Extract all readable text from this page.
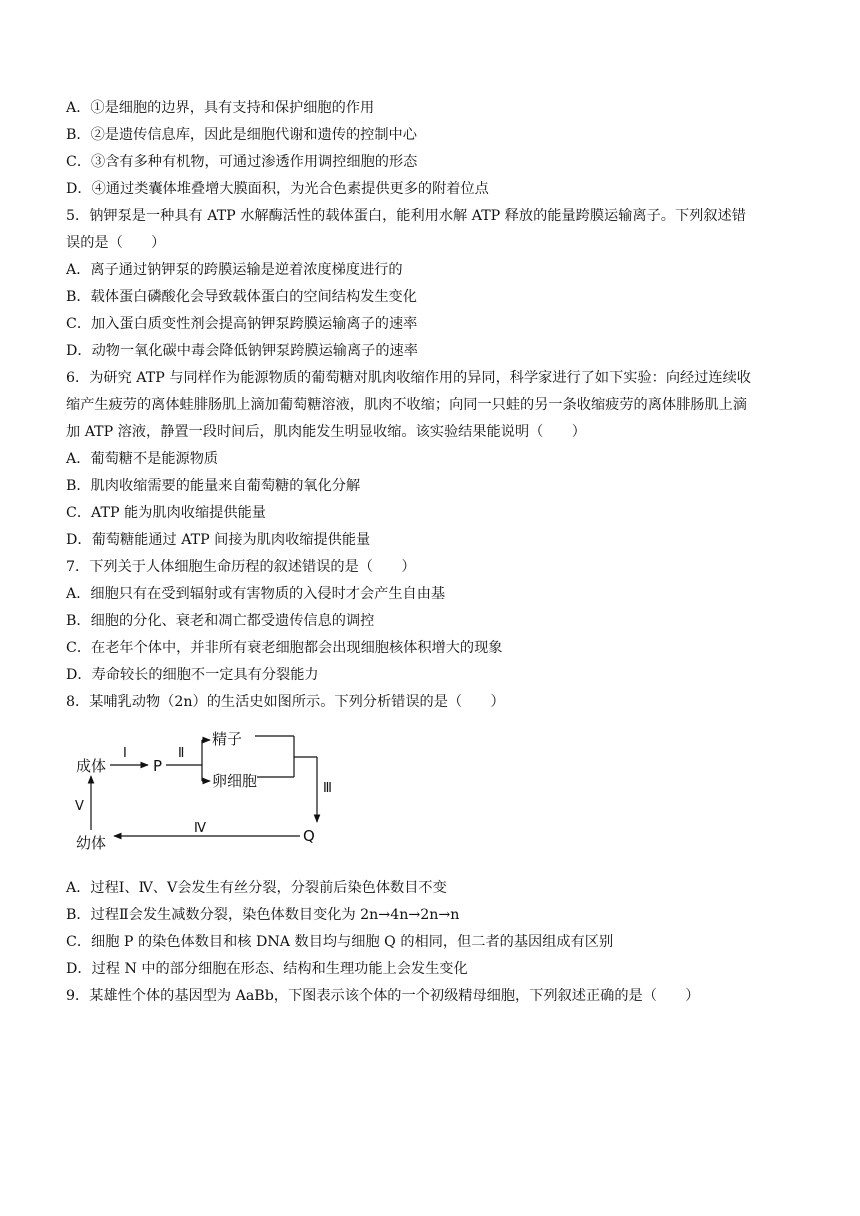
A．①是细胞的边界，具有支持和保护细胞的作用
B．②是遗传信息库，因此是细胞代谢和遗传的控制中心
C．③含有多种有机物，可通过渗透作用调控细胞的形态
D．④通过类囊体堆叠增大膜面积，为光合色素提供更多的附着位点
5．钠钾泵是一种具有 ATP 水解酶活性的载体蛋白，能利用水解 ATP 释放的能量跨膜运输离子。下列叙述错
误的是（　　）
A．离子通过钠钾泵的跨膜运输是逆着浓度梯度进行的
B．载体蛋白磷酸化会导致载体蛋白的空间结构发生变化
C．加入蛋白质变性剂会提高钠钾泵跨膜运输离子的速率
D．动物一氧化碳中毒会降低钠钾泵跨膜运输离子的速率
6．为研究 ATP 与同样作为能源物质的葡萄糖对肌肉收缩作用的异同，科学家进行了如下实验：向经过连续收
缩产生疲劳的离体蛙腓肠肌上滴加葡萄糖溶液，肌肉不收缩；向同一只蛙的另一条收缩疲劳的离体腓肠肌上滴
加 ATP 溶液，静置一段时间后，肌肉能发生明显收缩。该实验结果能说明（　　）
A．葡萄糖不是能源物质
B．肌肉收缩需要的能量来自葡萄糖的氧化分解
C．ATP 能为肌肉收缩提供能量
D．葡萄糖能通过 ATP 间接为肌肉收缩提供能量
7．下列关于人体细胞生命历程的叙述错误的是（　　）
A．细胞只有在受到辐射或有害物质的入侵时才会产生自由基
B．细胞的分化、衰老和凋亡都受遗传信息的调控
C．在老年个体中，并非所有衰老细胞都会出现细胞核体积增大的现象
D．寿命较长的细胞不一定具有分裂能力
8．某哺乳动物（2n）的生活史如图所示。下列分析错误的是（　　）
成体	P
精子
卵细胞
Q
幼体
Ⅰ	Ⅱ
Ⅲ
Ⅳ
Ⅴ
A．过程Ⅰ、Ⅳ、Ⅴ会发生有丝分裂，分裂前后染色体数目不变
B．过程Ⅱ会发生减数分裂，染色体数目变化为 2n→4n→2n→n
C．细胞 P 的染色体数目和核 DNA 数目均与细胞 Q 的相同，但二者的基因组成有区别
D．过程 N 中的部分细胞在形态、结构和生理功能上会发生变化
9．某雄性个体的基因型为 AaBb，下图表示该个体的一个初级精母细胞，下列叙述正确的是（　　）
